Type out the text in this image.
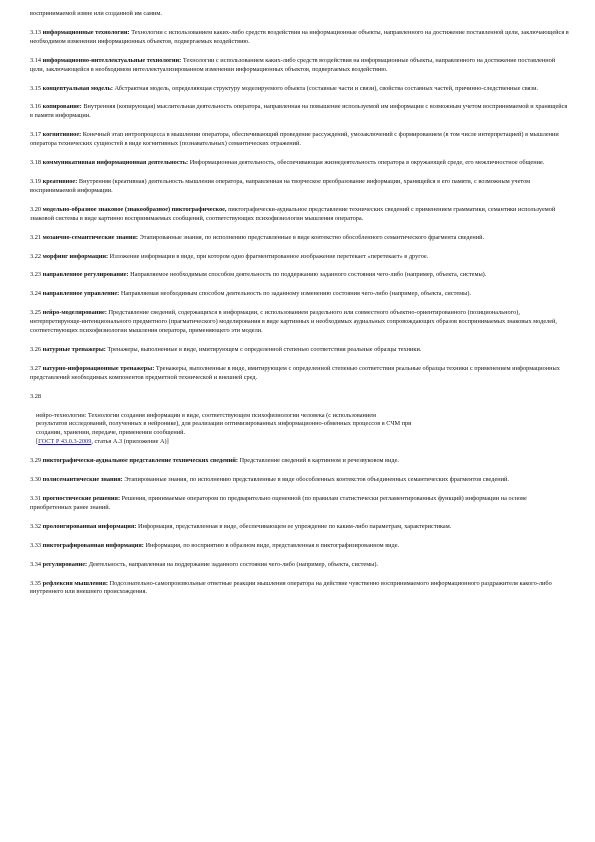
воспринимаемой извне или созданной им самим.

3.13 информационные технологии: Технологии с использованием каких-либо средств воздействия на информационные объекты, направленного на достижение поставленной цели, заключающейся в необходимом изменении информационных объектов, подвергаемых воздействию.

3.14 информационно-интеллектуальные технологии: Технологии с использованием каких-либо средств воздействия на информационные объекты, направленного на достижение поставленной цели, заключающейся в необходимом интеллектуализированном изменении информационных объектов, подвергаемых воздействию.

3.15 концептуальная модель: Абстрактная модель, определяющая структуру моделируемого объекта (составные части и связи), свойства составных частей, причинно-следственные связи.

3.16 копирование: Внутренняя (копирующая) мыслительная деятельность оператора, направленная на повышение используемой им информации с возможным учетом воспринимаемой и хранящейся в памяти информации.

3.17 когнитивное: Конечный этап интропроцесса в мышлении оператора, обеспечивающий проведение рассуждений, умозаключений с формированием (в том числе интерпретацией) в мышлении оператора технических сущностей в виде когнитивных (познавательных) семантических отражений.

3.18 коммуникативная информационная деятельность: Информационная деятельность, обеспечивающая жизнедеятельность оператора в окружающей среде, его межличностное общение.

3.19 креативное: Внутренняя (креативная) деятельность мышления оператора, направленная на творческое преобразование информации, хранящейся в его памяти, с возможным учетом воспринимаемой информации.

3.20 модельно-образное знаковое (знакообразное) пиктографическое, пиктографически-аудиальное представление технических сведений с применением грамматики, семантики используемой знаковой системы в виде картинно воспринимаемых сообщений, соответствующих психофизиологии мышления оператора.

3.21 мозаично-семантические знания: Этапированные знания, по исполнению представленные в виде контекстно обособленного семантического фрагмента сведений.

3.22 морфинг информации: Изложение информации в виде, при котором одно фрагментированное изображение перетекает «перетекает» в другое.

3.23 направленное регулирование: Направляемое необходимым способом деятельность по поддержанию заданного состояния чего-либо (например, объекта, системы).

3.24 направленное управление: Направляемая необходимым способом деятельность по заданному изменению состояния чего-либо (например, объекта, системы).

3.25 нейро-моделирование: Представление сведений, содержащихся в информации, с использованием раздельного или совместного объектно-ориентированного (позиционального), интерпретирующе-интенционального предметного (прагматического) моделирования в виде картинных и необходимых аудиальных сопровождающих образов воспринимаемых знаковых моделей, соответствующих психофизиологии мышления оператора, применяющего эти модели.

3.26 натурные тренажеры: Тренажеры, выполненные в виде, имитирующем с определенной степенью соответствия реальные образцы техники.

3.27 натурно-информационные тренажеры: Тренажеры, выполненные в виде, имитирующем с определенной степенью соответствия реальные образцы техники с применением информационных представлений необходимых компонентов предметной технической и внешней сред.

3.28

нейро-технологии: Технологии создания информации в виде, соответствующем психофизиологии человека (с использованием
результатов исследований, полученных в нейронике), для реализации оптимизированных информационно-обменных процессов в СЧМ при
создании, хранении, передаче, применении сообщений.
[ГОСТ Р 43.0.3-2009, статья А.3 (приложение А)]

3.29 пиктографически-аудиальное представление технических сведений: Представление сведений в картинном и речезвуковом виде.

3.30 полисемантические знания: Этапированные знания, по исполнению представленные в виде обособленных контекстов объединенных семантических фрагментов сведений.

3.31 прогностические решения: Решения, принимаемые оператором по предварительно оцененной (по правилам статистически регламентированных функций) информации на основе приобретенных ранее знаний.

3.32 пролонгированная информация: Информация, представленная в виде, обеспечивающем ее упреждение по каким-либо параметрам, характеристикам.

3.33 пиктографированная информация: Информация, по восприятию в образном виде, представленная в пиктографизированном виде.

3.34 регулирование: Деятельность, направленная на поддержание заданного состояния чего-либо (например, объекта, системы).

3.35 рефлексия мышления: Подсознательно-самопроизвольные ответные реакции мышления оператора на действие чувственно воспринимаемого информационного раздражителя какого-либо внутреннего или внешнего происхождения.
